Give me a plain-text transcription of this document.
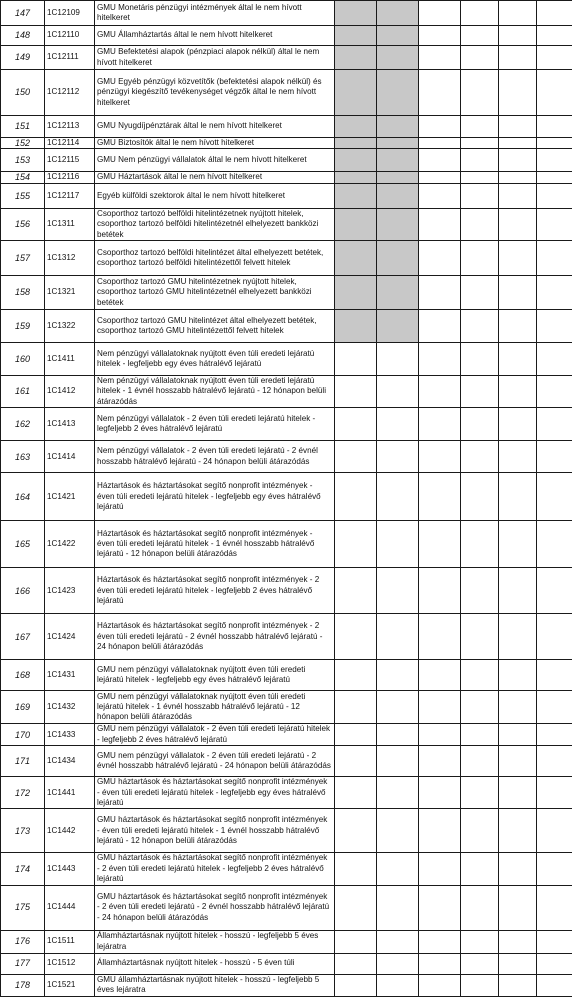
147	1C12109	GMU Monetáris pénzügyi intézmények által le nem hívott hitelkeret						
148	1C12110	GMU Államháztartás által le nem hívott hitelkeret						
149	1C12111	GMU Befektetési alapok (pénzpiaci alapok nélkül) által le nem hívott hitelkeret						
150	1C12112	GMU Egyéb pénzügyi közvetítők (befektetési alapok nélkül) és pénzügyi kiegészítő tevékenységet végzők által le nem hívott hitelkeret						
151	1C12113	GMU Nyugdíjpénztárak által le nem hívott hitelkeret						
152	1C12114	GMU Biztosítók által le nem hívott hitelkeret						
153	1C12115	GMU Nem pénzügyi vállalatok által le nem hívott hitelkeret						
154	1C12116	GMU Háztartások által le nem hívott hitelkeret						
155	1C12117	Egyéb külföldi szektorok által le nem hívott hitelkeret						
156	1C1311	Csoporthoz tartozó belföldi hitelintézetnek nyújtott hitelek, csoporthoz tartozó belföldi hitelintézetnél elhelyezett bankközi betétek						
157	1C1312	Csoporthoz tartozó belföldi hitelintézet által elhelyezett betétek, csoporthoz tartozó belföldi hitelintézettől felvett hitelek						
158	1C1321	Csoporthoz tartozó GMU hitelintézetnek nyújtott hitelek, csoporthoz tartozó GMU hitelintézetnél elhelyezett bankközi betétek						
159	1C1322	Csoporthoz tartozó GMU hitelintézet által elhelyezett betétek, csoporthoz tartozó GMU hitelintézettől felvett hitelek						
160	1C1411	Nem pénzügyi vállalatoknak nyújtott éven túli eredeti lejáratú hitelek - legfeljebb egy éves hátralévő lejáratú						
161	1C1412	Nem pénzügyi vállalatoknak nyújtott éven túli eredeti lejáratú hitelek - 1 évnél hosszabb hátralévő lejáratú - 12 hónapon belüli átárazódás						
162	1C1413	Nem pénzügyi vállalatok - 2 éven túli eredeti lejáratú hitelek - legfeljebb 2 éves hátralévő lejáratú						
163	1C1414	Nem pénzügyi vállalatok - 2 éven túli eredeti lejáratú - 2 évnél hosszabb hátralévő lejáratú - 24 hónapon belüli átárazódás						
164	1C1421	Háztartások és háztartásokat segítő nonprofit intézmények - éven túli eredeti lejáratú hitelek - legfeljebb egy éves hátralévő lejáratú						
165	1C1422	Háztartások és háztartásokat segítő nonprofit intézmények - éven túli eredeti lejáratú hitelek - 1 évnél hosszabb hátralévő lejáratú - 12 hónapon belüli átárazódás						
166	1C1423	Háztartások és háztartásokat segítő nonprofit intézmények - 2 éven túli eredeti lejáratú hitelek - legfeljebb 2 éves hátralévő lejáratú						
167	1C1424	Háztartások és háztartásokat segítő nonprofit intézmények - 2 éven túli eredeti lejáratú - 2 évnél hosszabb hátralévő lejáratú - 24 hónapon belüli átárazódás						
168	1C1431	GMU nem pénzügyi vállalatoknak nyújtott éven túli eredeti lejáratú hitelek - legfeljebb egy éves hátralévő lejáratú						
169	1C1432	GMU nem pénzügyi vállalatoknak nyújtott éven túli eredeti lejáratú hitelek - 1 évnél hosszabb hátralévő lejáratú - 12 hónapon belüli átárazódás						
170	1C1433	GMU nem pénzügyi vállalatok - 2 éven túli eredeti lejáratú hitelek - legfeljebb 2 éves hátralévő lejáratú						
171	1C1434	GMU nem pénzügyi vállalatok - 2 éven túli eredeti lejáratú - 2 évnél hosszabb hátralévő lejáratú - 24 hónapon belüli átárazódás						
172	1C1441	GMU háztartások és háztartásokat segítő nonprofit intézmények - éven túli eredeti lejáratú hitelek - legfeljebb egy éves hátralévő lejáratú						
173	1C1442	GMU háztartások és háztartásokat segítő nonprofit intézmények - éven túli eredeti lejáratú hitelek - 1 évnél hosszabb hátralévő lejáratú - 12 hónapon belüli átárazódás						
174	1C1443	GMU háztartások és háztartásokat segítő nonprofit intézmények - 2 éven túli eredeti lejáratú hitelek - legfeljebb 2 éves hátralévő lejáratú						
175	1C1444	GMU háztartások és háztartásokat segítő nonprofit intézmények - 2 éven túli eredeti lejáratú - 2 évnél hosszabb hátralévő lejáratú - 24 hónapon belüli átárazódás						
176	1C1511	Államháztartásnak nyújtott hitelek - hosszú - legfeljebb 5 éves lejáratra						
177	1C1512	Államháztartásnak nyújtott hitelek - hosszú - 5 éven túli						
178	1C1521	GMU államháztartásnak nyújtott hitelek - hosszú - legfeljebb 5 éves lejáratra						
